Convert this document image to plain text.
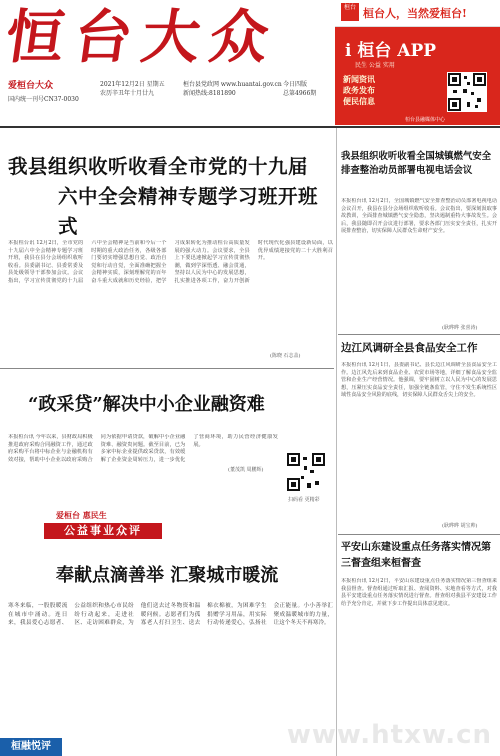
恒台大众
爱桓台大众
国内统一刊号CN37-0030
2021年12月2日 星期五
农历辛丑年十月廿九
桓台县党政网 www.huantai.gov.cn
新闻热线:8181890
今日四版
总第4966期
桓台 桓台人，当然爱桓台!
i 桓台 APP
民生 公益 实用
新闻资讯
政务发布
便民信息
桓台县融媒体中心
我县组织收听收看全市党的十九届
六中全会精神专题学习班开班式
本报桓台讯 12月2日，全市党的十九届六中全会精神专题学习班开班，我县在县分会场组织收听收看。县委副书记、县委常委及县处级领导干部参加会议。会议指出，学习宣传贯彻党的十九届六中全会精神是当前和今后一个时期的重大政治任务，各级各部门要切实增强思想自觉、政治自觉和行动自觉，全面准确把握全会精神实质，深刻理解党的百年奋斗重大成就和历史经验，把学习成果转化为推动桓台高质量发展的强大动力。会议要求，全县上下要迅速掀起学习宣传贯彻热潮，做到学深悟透、融会贯通，坚持以人民为中心的发展思想，扎实推进各项工作，奋力开创新时代现代化强县建设新局面，以优异成绩迎接党的二十大胜利召开。
(陈晓 石志盖)
“政采贷”解决中小企业融资难
本报桓台讯 今年以来，县财政局积极推进政府采购合同融资工作，通过政府采购平台将中标企业与金融机构有效对接，帮助中小企业以政府采购合同为依据申请贷款，破解中小企业融资难、融资贵问题。截至目前，已为多家中标企业提供政采贷款，有效缓解了企业资金周转压力，进一步优化了营商环境，助力民营经济健康发展。
(董茂凯 周鹏辉)
扫码看 更精彩
爱桓台 惠民生
公益事业众评
奉献点滴善举 汇聚城市暖流
寒冬来临，一股股暖流在城市中涌动。连日来，我县爱心志愿者、公益组织和热心市民纷纷行动起来，走进社区、走访困难群众，为他们送去过冬物资和温暖问候。志愿者们为孤寡老人打扫卫生、送去棉衣棉被，为困难学生捐赠学习用品，用实际行动传递爱心，弘扬社会正能量。小小善举汇聚成温暖城市的力量，让这个冬天不再寒冷。
桓融悦评
我县组织收听收看全国城镇燃气安全排查整治动员部署电视电话会议
本报桓台讯 12月2日，全国城镇燃气安全排查整治动员部署电视电话会议召开，我县在县分会场组织收听收看。会议指出，要深刻汲取事故教训，全面排查城镇燃气安全隐患，坚决遏制重特大事故发生。会后，我县随即召开会议进行部署，要求各部门压实安全责任，扎实开展排查整治，切实保障人民群众生命财产安全。
(耿晔晔 张喜涛)
边江风调研全县食品安全工作
本报桓台讯 12月1日，县委副书记、县长边江风调研全县食品安全工作。边江风先后来到食品企业、农贸市场等地，详细了解食品安全监管和企业生产经营情况。他强调，要牢固树立以人民为中心的发展思想，压紧压实食品安全责任，加强全链条监管，守住不发生系统性区域性食品安全风险的底线，切实保障人民群众舌尖上的安全。
(耿晔晔 胡宝帅)
平安山东建设重点任务落实情况第三督查组来桓督查
本报桓台讯 12月2日，平安山东建设重点任务落实情况第三督查组来我县督查。督查组通过听取汇报、查阅资料、实地查看等方式，对我县平安建设重点任务落实情况进行督查。督查组对我县平安建设工作给予充分肯定，并就下步工作提出具体意见建议。
www.htxw.cn
